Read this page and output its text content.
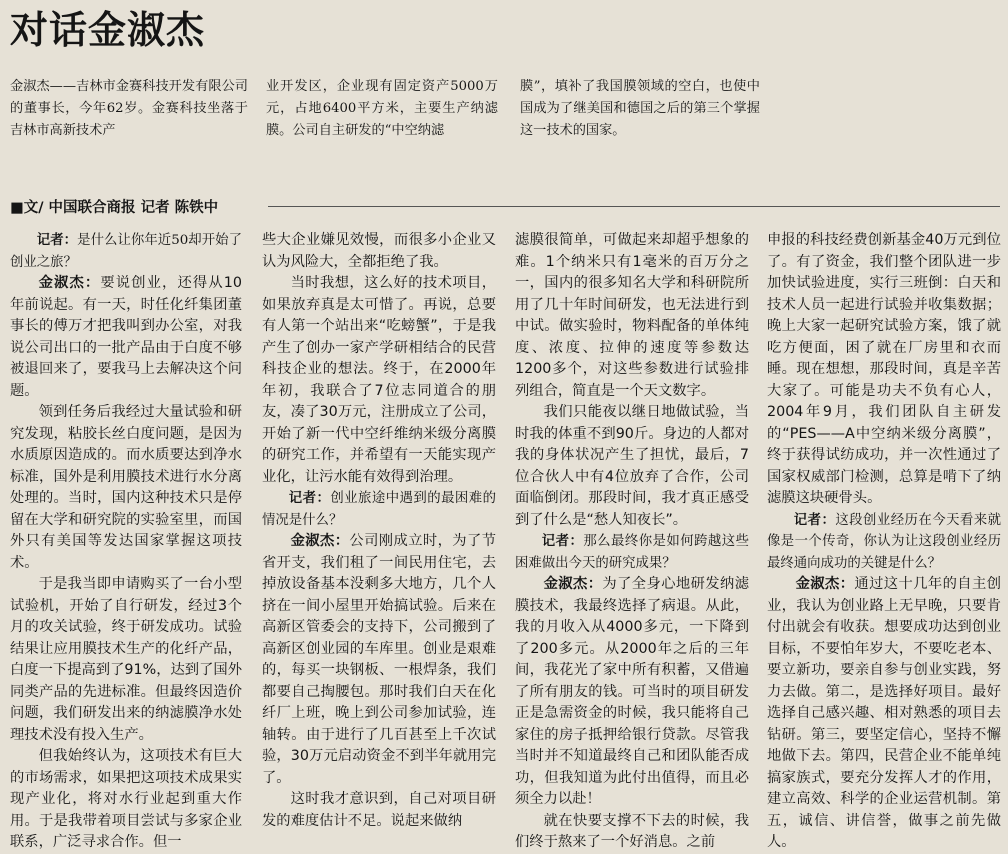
对话金淑杰
金淑杰——吉林市金赛科技开发有限公司的董事长，今年62岁。金赛科技坐落于吉林市高新技术产
业开发区，企业现有固定资产5000万元，占地6400平方米，主要生产纳滤膜。公司自主研发的“中空纳滤
膜”，填补了我国膜领域的空白，也使中国成为了继美国和德国之后的第三个掌握这一技术的国家。
■文/ 中国联合商报 记者 陈铁中

记者：是什么让你年近50却开始了创业之旅？

金淑杰：要说创业，还得从10年前说起。有一天，时任化纤集团董事长的傅万才把我叫到办公室，对我说公司出口的一批产品由于白度不够被退回来了，要我马上去解决这个问题。

领到任务后我经过大量试验和研究发现，粘胶长丝白度问题，是因为水质原因造成的。而水质要达到净水标准，国外是利用膜技术进行水分离处理的。当时，国内这种技术只是停留在大学和研究院的实验室里，而国外只有美国等发达国家掌握这项技术。

于是我当即申请购买了一台小型试验机，开始了自行研发，经过3个月的攻关试验，终于研发成功。试验结果让应用膜技术生产的化纤产品，白度一下提高到了91%，达到了国外同类产品的先进标准。但最终因造价问题，我们研发出来的纳滤膜净水处理技术没有投入生产。

但我始终认为，这项技术有巨大的市场需求，如果把这项技术成果实现产业化，将对水行业起到重大作用。于是我带着项目尝试与多家企业联系，广泛寻求合作。但一

些大企业嫌见效慢，而很多小企业又认为风险大，全都拒绝了我。

当时我想，这么好的技术项目，如果放弃真是太可惜了。再说，总要有人第一个站出来“吃螃蟹”，于是我产生了创办一家产学研相结合的民营科技企业的想法。终于，在2000年年初，我联合了7位志同道合的朋友，凑了30万元，注册成立了公司，开始了新一代中空纤维纳米级分离膜的研究工作，并希望有一天能实现产业化，让污水能有效得到治理。

记者：创业旅途中遇到的最困难的情况是什么？

金淑杰：公司刚成立时，为了节省开支，我们租了一间民用住宅，去掉放设备基本没剩多大地方，几个人挤在一间小屋里开始搞试验。后来在高新区管委会的支持下，公司搬到了高新区创业园的车库里。创业是艰难的，每买一块钢板、一根焊条，我们都要自己掏腰包。那时我们白天在化纤厂上班，晚上到公司参加试验，连轴转。由于进行了几百甚至上千次试验，30万元启动资金不到半年就用完了。

这时我才意识到，自己对项目研发的难度估计不足。说起来做纳

滤膜很简单，可做起来却超乎想象的难。1个纳米只有1毫米的百万分之一，国内的很多知名大学和科研院所用了几十年时间研发，也无法进行到中试。做实验时，物料配备的单体纯度、浓度、拉伸的速度等参数达1200多个，对这些参数进行试验排列组合，简直是一个天文数字。

我们只能夜以继日地做试验，当时我的体重不到90斤。身边的人都对我的身体状况产生了担忧，最后，7位合伙人中有4位放弃了合作，公司面临倒闭。那段时间，我才真正感受到了什么是“愁人知夜长”。

记者：那么最终你是如何跨越这些困难做出今天的研究成果？

金淑杰：为了全身心地研发纳滤膜技术，我最终选择了病退。从此，我的月收入从4000多元，一下降到了200多元。从2000年之后的三年间，我花光了家中所有积蓄，又借遍了所有朋友的钱。可当时的项目研发正是急需资金的时候，我只能将自己家住的房子抵押给银行贷款。尽管我当时并不知道最终自己和团队能否成功，但我知道为此付出值得，而且必须全力以赴！

就在快要支撑不下去的时候，我们终于熬来了一个好消息。之前

申报的科技经费创新基金40万元到位了。有了资金，我们整个团队进一步加快试验进度，实行三班倒：白天和技术人员一起进行试验并收集数据；晚上大家一起研究试验方案，饿了就吃方便面，困了就在厂房里和衣而睡。现在想想，那段时间，真是辛苦大家了。可能是功夫不负有心人，2004年9月，我们团队自主研发的“PES——A中空纳米级分离膜”，终于获得试纺成功，并一次性通过了国家权威部门检测，总算是啃下了纳滤膜这块硬骨头。

记者：这段创业经历在今天看来就像是一个传奇，你认为让这段创业经历最终通向成功的关键是什么？

金淑杰：通过这十几年的自主创业，我认为创业路上无早晚，只要肯付出就会有收获。想要成功达到创业目标，不要怕年岁大，不要吃老本、要立新功，要亲自参与创业实践，努力去做。第二，是选择好项目。最好选择自己感兴趣、相对熟悉的项目去钻研。第三，要坚定信心，坚持不懈地做下去。第四，民营企业不能单纯搞家族式，要充分发挥人才的作用，建立高效、科学的企业运营机制。第五，诚信、讲信誉，做事之前先做人。
